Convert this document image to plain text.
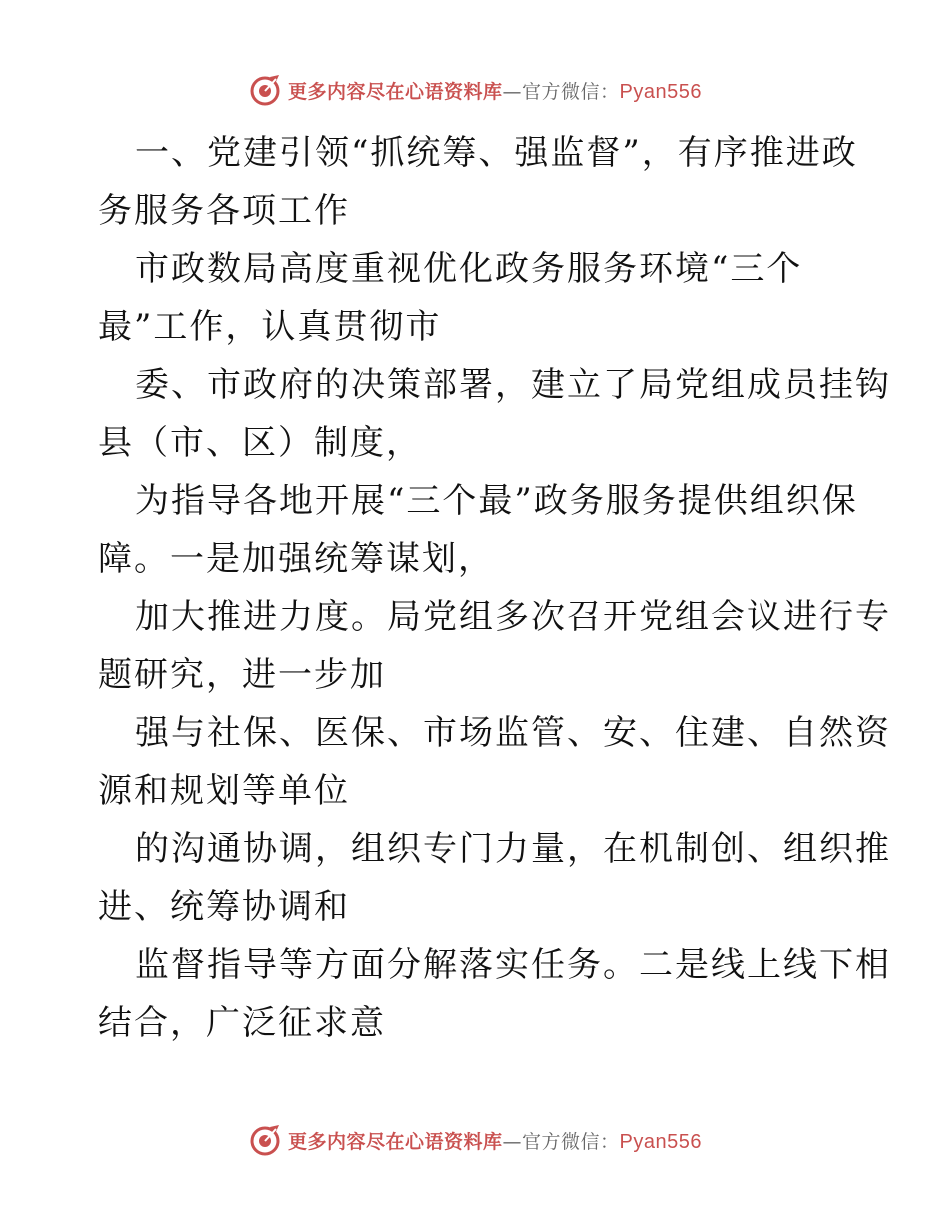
更多内容尽在心语资料库 —官方微信： Pyan556
一、党建引领“抓统筹、强监督”，有序推进政
务服务各项工作
市政数局高度重视优化政务服务环境“三个
最”工作，认真贯彻市
委、市政府的决策部署，建立了局党组成员挂钩
县（市、区）制度，
为指导各地开展“三个最”政务服务提供组织保
障。一是加强统筹谋划，
加大推进力度。局党组多次召开党组会议进行专
题研究，进一步加
强与社保、医保、市场监管、安、住建、自然资
源和规划等单位
的沟通协调，组织专门力量，在机制创、组织推
进、统筹协调和
监督指导等方面分解落实任务。二是线上线下相
结合，广泛征求意
更多内容尽在心语资料库 —官方微信： Pyan556
